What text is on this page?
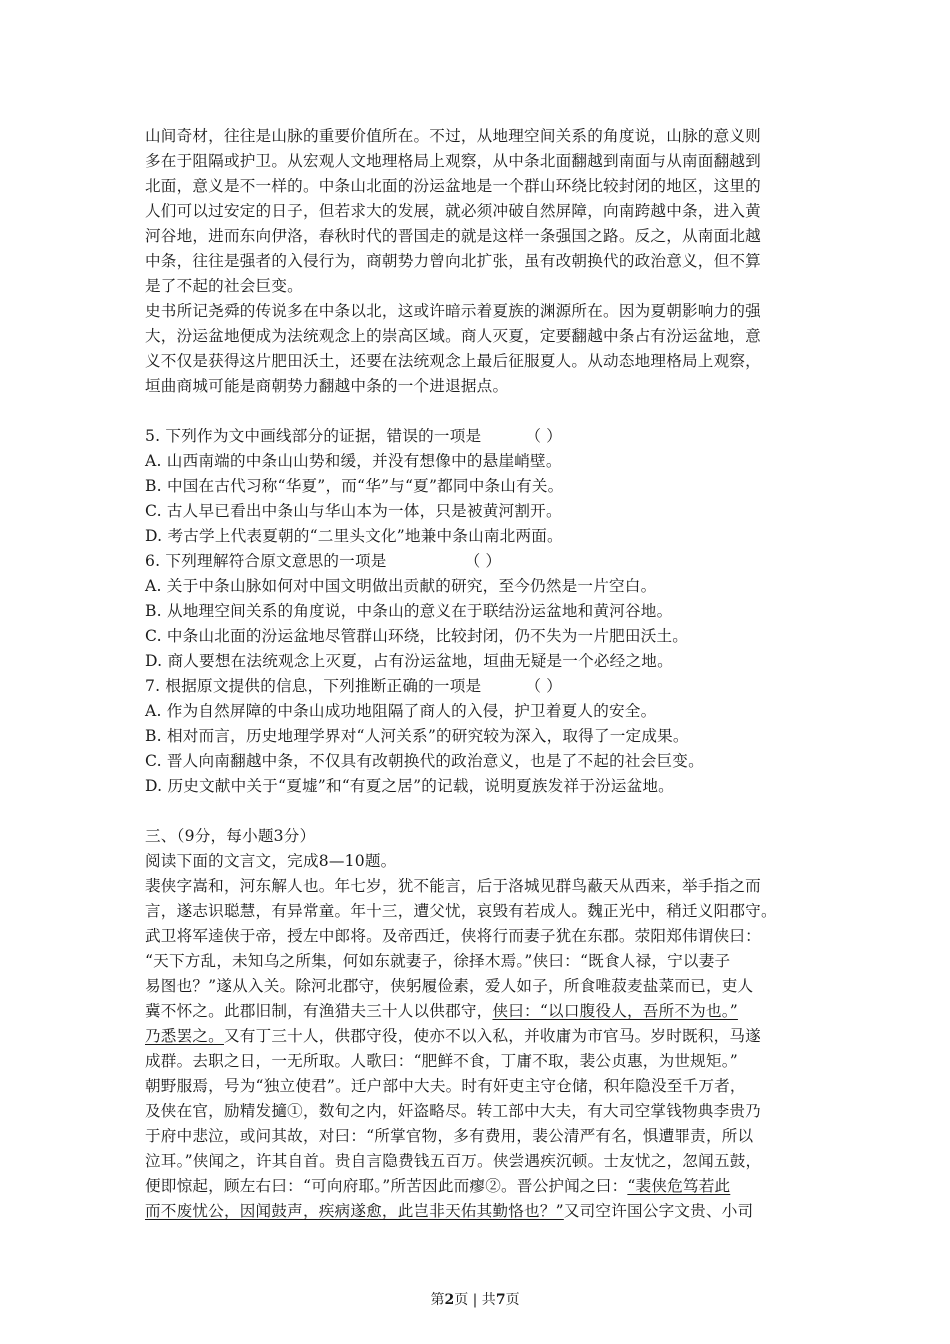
山间奇材，往往是山脉的重要价值所在。不过，从地理空间关系的角度说，山脉的意义则
多在于阻隔或护卫。从宏观人文地理格局上观察，从中条北面翻越到南面与从南面翻越到
北面，意义是不一样的。中条山北面的汾运盆地是一个群山环绕比较封闭的地区，这里的
人们可以过安定的日子，但若求大的发展，就必须冲破自然屏障，向南跨越中条，进入黄
河谷地，进而东向伊洛，春秋时代的晋国走的就是这样一条强国之路。反之，从南面北越
中条，往往是强者的入侵行为，商朝势力曾向北扩张，虽有改朝换代的政治意义，但不算
是了不起的社会巨变。
史书所记尧舜的传说多在中条以北，这或许暗示着夏族的渊源所在。因为夏朝影响力的强
大，汾运盆地便成为法统观念上的崇高区域。商人灭夏，定要翻越中条占有汾运盆地，意
义不仅是获得这片肥田沃土，还要在法统观念上最后征服夏人。从动态地理格局上观察，
垣曲商城可能是商朝势力翻越中条的一个进退据点。
5. 下列作为文中画线部分的证据，错误的一项是	（ ）
A. 山西南端的中条山山势和缓，并没有想像中的悬崖峭壁。
B. 中国在古代习称“华夏”，而“华”与“夏”都同中条山有关。
C. 古人早已看出中条山与华山本为一体，只是被黄河割开。
D. 考古学上代表夏朝的“二里头文化”地兼中条山南北两面。
6. 下列理解符合原文意思的一项是	（ ）
A. 关于中条山脉如何对中国文明做出贡献的研究，至今仍然是一片空白。
B. 从地理空间关系的角度说，中条山的意义在于联结汾运盆地和黄河谷地。
C. 中条山北面的汾运盆地尽管群山环绕，比较封闭，仍不失为一片肥田沃土。
D. 商人要想在法统观念上灭夏，占有汾运盆地，垣曲无疑是一个必经之地。
7. 根据原文提供的信息，下列推断正确的一项是	（ ）
A. 作为自然屏障的中条山成功地阻隔了商人的入侵，护卫着夏人的安全。
B. 相对而言，历史地理学界对“人河关系”的研究较为深入，取得了一定成果。
C. 晋人向南翻越中条，不仅具有改朝换代的政治意义，也是了不起的社会巨变。
D. 历史文献中关于“夏墟”和“有夏之居”的记载，说明夏族发祥于汾运盆地。
三、（9分，每小题3分）
阅读下面的文言文，完成8—10题。
裴侠字嵩和，河东解人也。年七岁，犹不能言，后于洛城见群鸟蔽天从西来，举手指之而
言，遂志识聪慧，有异常童。年十三，遭父忧，哀毁有若成人。魏正光中，稍迁义阳郡守。
武卫将军逵侠于帝，授左中郎将。及帝西迁，侠将行而妻子犹在东郡。荥阳郑伟谓侠曰：
“天下方乱，未知乌之所集，何如东就妻子，徐择木焉。”侠曰：“既食人禄，宁以妻子
易图也？”遂从入关。除河北郡守，侠躬履俭素，爱人如子，所食唯菽麦盐菜而已，吏人
冀不怀之。此郡旧制，有渔猎夫三十人以供郡守，侠曰：“以口腹役人，吾所不为也。”
乃悉罢之。又有丁三十人，供郡守役，使亦不以入私，并收庸为市官马。岁时既积，马遂
成群。去职之日，一无所取。人歌曰：“肥鲜不食，丁庸不取，裴公贞惠，为世规矩。”
朝野服焉，号为“独立使君”。迁户部中大夫。时有奸吏主守仓储，积年隐没至千万者，
及侠在官，励精发擿①，数旬之内，奸盗略尽。转工部中大夫，有大司空掌钱物典李贵乃
于府中悲泣，或问其故，对曰：“所掌官物，多有费用，裴公清严有名，惧遭罪责，所以
泣耳。”侠闻之，许其自首。贵自言隐费钱五百万。侠尝遇疾沉顿。士友忧之，忽闻五鼓，
便即惊起，顾左右曰：“可向府耶。”所苦因此而瘳②。晋公护闻之曰：“裴侠危笃若此
而不废忧公，因闻鼓声，疾病遂愈，此岂非天佑其勤恪也？”又司空许国公字文贵、小司
第2页 | 共7页
